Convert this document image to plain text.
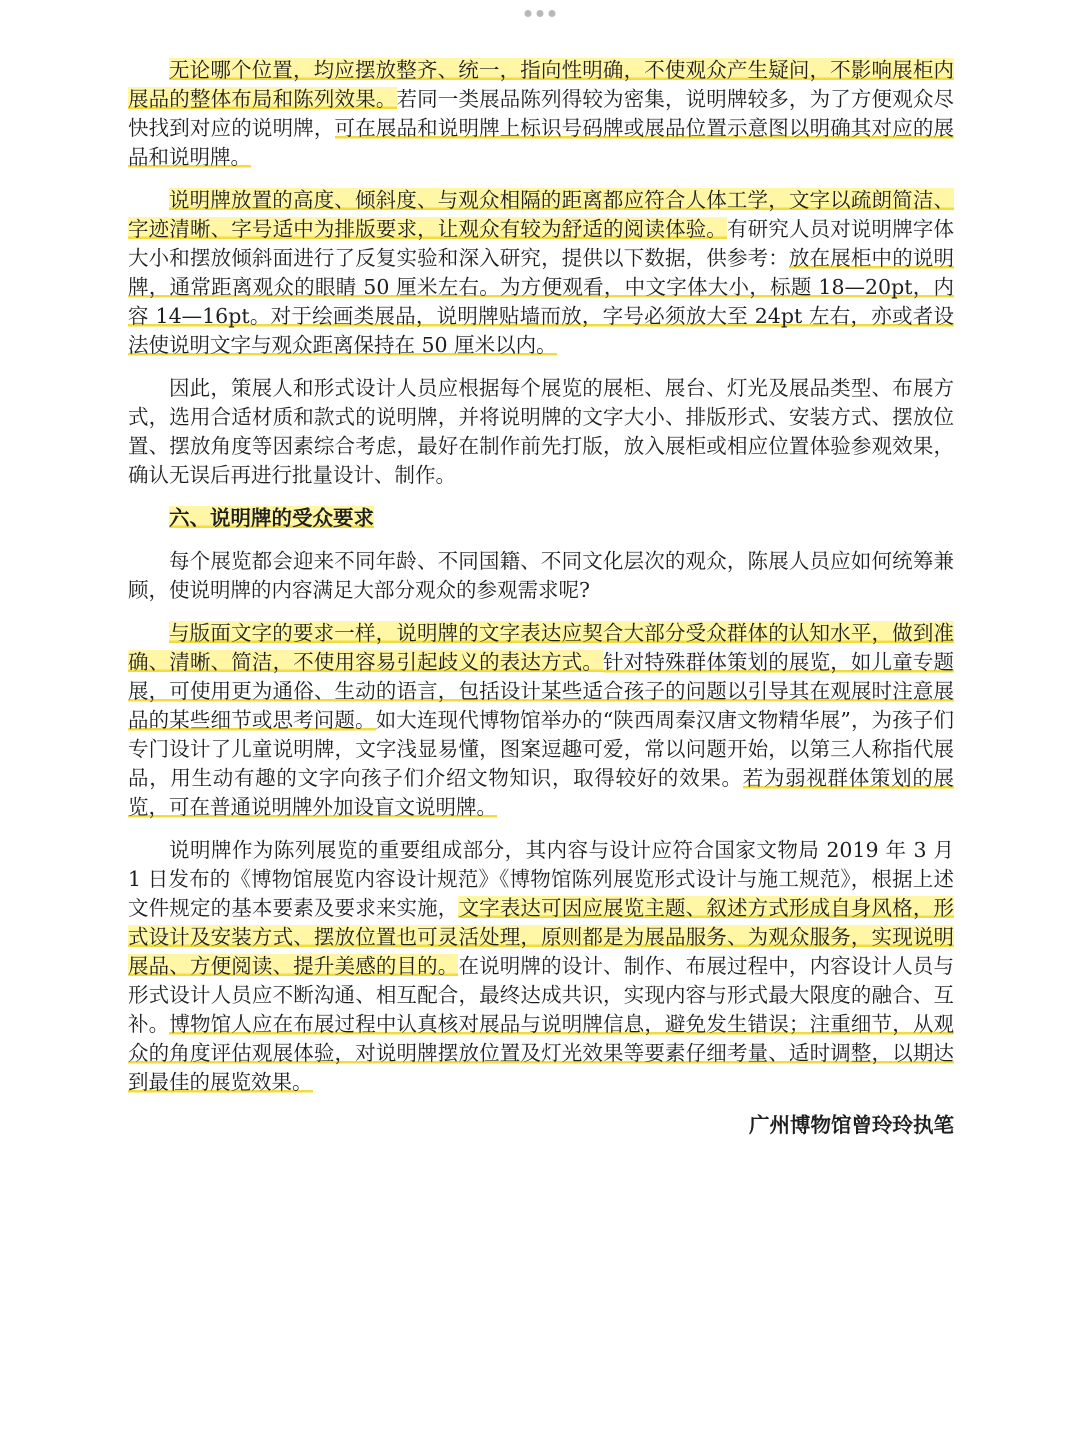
无论哪个位置，均应摆放整齐、统一，指向性明确，不使观众产生疑问，不影响展柜内展品的整体布局和陈列效果。若同一类展品陈列得较为密集，说明牌较多，为了方便观众尽快找到对应的说明牌，可在展品和说明牌上标识号码牌或展品位置示意图以明确其对应的展品和说明牌。

说明牌放置的高度、倾斜度、与观众相隔的距离都应符合人体工学，文字以疏朗简洁、字迹清晰、字号适中为排版要求，让观众有较为舒适的阅读体验。有研究人员对说明牌字体大小和摆放倾斜面进行了反复实验和深入研究，提供以下数据，供参考：放在展柜中的说明牌，通常距离观众的眼睛 50 厘米左右。为方便观看，中文字体大小，标题 18—20pt，内容 14—16pt。对于绘画类展品，说明牌贴墙而放，字号必须放大至 24pt 左右，亦或者设法使说明文字与观众距离保持在 50 厘米以内。

因此，策展人和形式设计人员应根据每个展览的展柜、展台、灯光及展品类型、布展方式，选用合适材质和款式的说明牌，并将说明牌的文字大小、排版形式、安装方式、摆放位置、摆放角度等因素综合考虑，最好在制作前先打版，放入展柜或相应位置体验参观效果，确认无误后再进行批量设计、制作。

六、说明牌的受众要求

每个展览都会迎来不同年龄、不同国籍、不同文化层次的观众，陈展人员应如何统筹兼顾，使说明牌的内容满足大部分观众的参观需求呢?

与版面文字的要求一样，说明牌的文字表达应契合大部分受众群体的认知水平，做到准确、清晰、简洁，不使用容易引起歧义的表达方式。针对特殊群体策划的展览，如儿童专题展，可使用更为通俗、生动的语言，包括设计某些适合孩子的问题以引导其在观展时注意展品的某些细节或思考问题。如大连现代博物馆举办的“陕西周秦汉唐文物精华展”，为孩子们专门设计了儿童说明牌，文字浅显易懂，图案逗趣可爱，常以问题开始，以第三人称指代展品，用生动有趣的文字向孩子们介绍文物知识，取得较好的效果。若为弱视群体策划的展览，可在普通说明牌外加设盲文说明牌。

说明牌作为陈列展览的重要组成部分，其内容与设计应符合国家文物局 2019 年 3 月 1 日发布的《博物馆展览内容设计规范》《博物馆陈列展览形式设计与施工规范》，根据上述文件规定的基本要素及要求来实施，文字表达可因应展览主题、叙述方式形成自身风格，形式设计及安装方式、摆放位置也可灵活处理，原则都是为展品服务、为观众服务，实现说明展品、方便阅读、提升美感的目的。在说明牌的设计、制作、布展过程中，内容设计人员与形式设计人员应不断沟通、相互配合，最终达成共识，实现内容与形式最大限度的融合、互补。博物馆人应在布展过程中认真核对展品与说明牌信息，避免发生错误；注重细节，从观众的角度评估观展体验，对说明牌摆放位置及灯光效果等要素仔细考量、适时调整，以期达到最佳的展览效果。

广州博物馆曾玲玲执笔
